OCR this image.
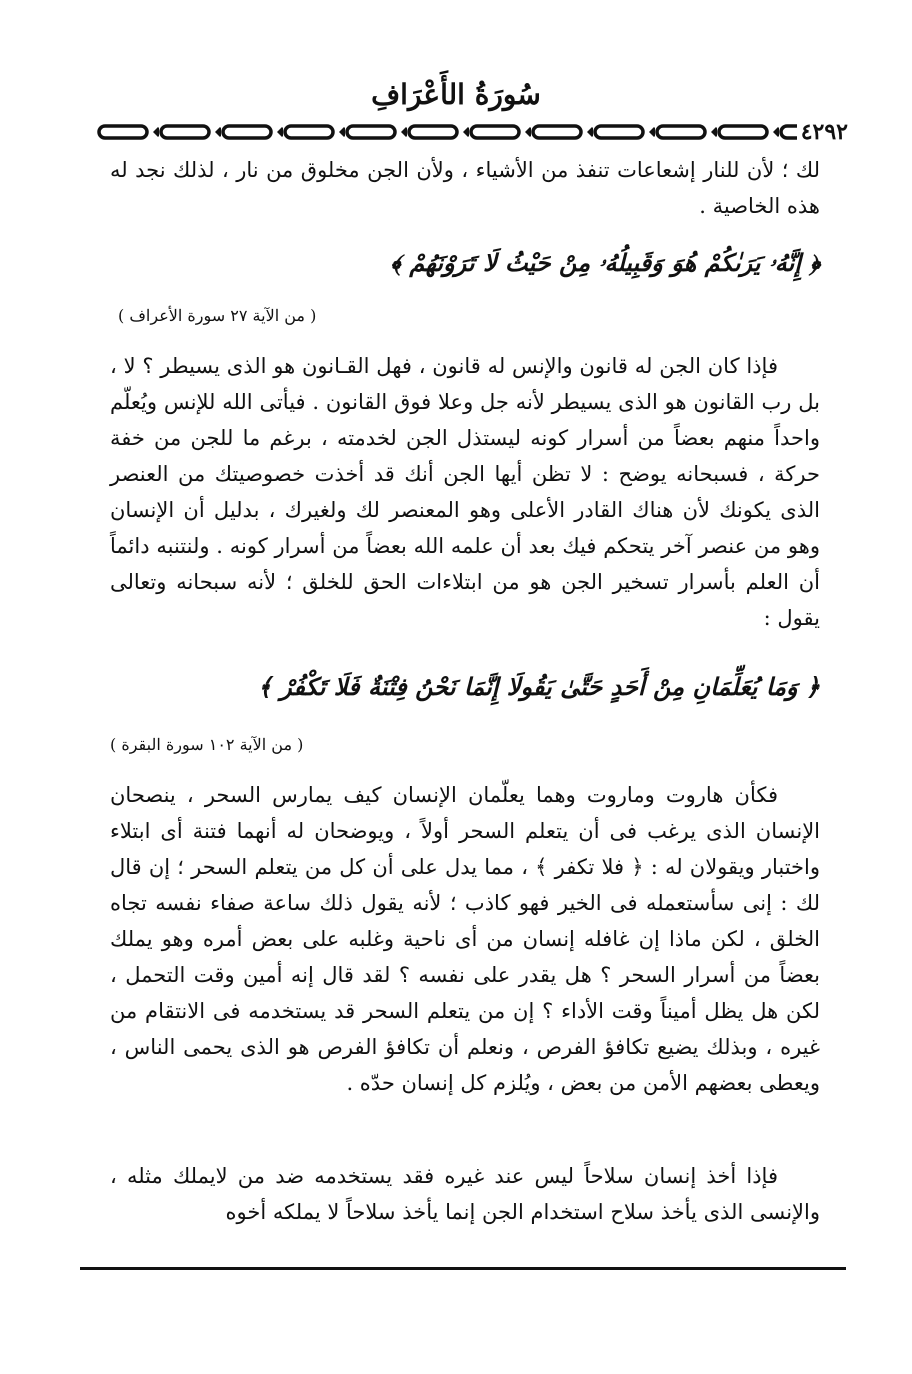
سُورَةُ الأَعْرَافِ
٤٢٩٢

لك ؛ لأن للنار إشعاعات تنفذ من الأشياء ، ولأن الجن مخلوق من نار ، لذلك نجد له هذه الخاصية .

﴿ إِنَّهُۥ يَرَىٰكُمْ هُوَ وَقَبِيلُهُۥ مِنْ حَيْثُ لَا تَرَوْنَهُمْ ﴾
( من الآية ٢٧ سورة الأعراف )

فإذا كان الجن له قانون والإنس له قانون ، فهل القـانون هو الذى يسيطر ؟ لا ، بل رب القانون هو الذى يسيطر لأنه جل وعلا فوق القانون . فيأتى الله للإنس ويُعلّم واحداً منهم بعضاً من أسرار كونه ليستذل الجن لخدمته ، برغم ما للجن من خفة حركة ، فسبحانه يوضح : لا تظن أيها الجن أنك قد أخذت خصوصيتك من العنصر الذى يكونك لأن هناك القادر الأعلى وهو المعنصر لك ولغيرك ، بدليل أن الإنسان وهو من عنصر آخر يتحكم فيك بعد أن علمه الله بعضاً من أسرار كونه . ولنتنبه دائماً أن العلم بأسرار تسخير الجن هو من ابتلاءات الحق للخلق ؛ لأنه سبحانه وتعالى يقول :

﴿ وَمَا يُعَلِّمَانِ مِنْ أَحَدٍ حَتَّىٰ يَقُولَا إِنَّمَا نَحْنُ فِتْنَةٌ فَلَا تَكْفُرْ ﴾
( من الآية ١٠٢ سورة البقرة )

فكأن هاروت وماروت وهما يعلّمان الإنسان كيف يمارس السحر ، ينصحان الإنسان الذى يرغب فى أن يتعلم السحر أولاً ، ويوضحان له أنهما فتنة أى ابتلاء واختبار ويقولان له : ﴿ فلا تكفر ﴾ ، مما يدل على أن كل من يتعلم السحر ؛ إن قال لك : إنى سأستعمله فى الخير فهو كاذب ؛ لأنه يقول ذلك ساعة صفاء نفسه تجاه الخلق ، لكن ماذا إن غافله إنسان من أى ناحية وغلبه على بعض أمره وهو يملك بعضاً من أسرار السحر ؟ هل يقدر على نفسه ؟ لقد قال إنه أمين وقت التحمل ، لكن هل يظل أميناً وقت الأداء ؟ إن من يتعلم السحر قد يستخدمه فى الانتقام من غيره ، وبذلك يضيع تكافؤ الفرص ، ونعلم أن تكافؤ الفرص هو الذى يحمى الناس ، ويعطى بعضهم الأمن من بعض ، ويُلزم كل إنسان حدّه .

فإذا أخذ إنسان سلاحاً ليس عند غيره فقد يستخدمه ضد من لايملك مثله ، والإنسى الذى يأخذ سلاح استخدام الجن إنما يأخذ سلاحاً لا يملكه أخوه
